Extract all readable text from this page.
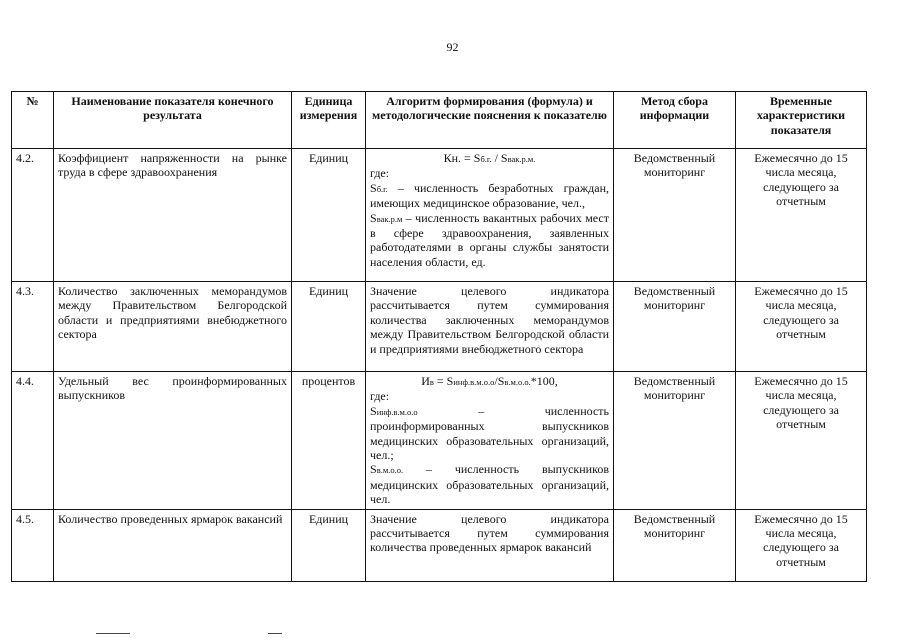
92
№	Наименование показателя конечного результата	Единица измерения	Алгоритм формирования (формула) и методологические пояснения к показателю	Метод сбора информации	Временные характеристики показателя
4.2.	Коэффициент напряженности на рынке труда в сфере здравоохранения	Единиц	Кн. = Sб.г. / Sвак.р.м.
где:
Sб.г. – численность безработных граждан, имеющих медицинское образование, чел.,
Sвак.р.м – численность вакантных рабочих мест в сфере здравоохранения, заявленных работодателями в органы службы занятости населения области, ед.	Ведомственный мониторинг	Ежемесячно до 15 числа месяца, следующего за отчетным
4.3.	Количество заключенных меморандумов между Правительством Белгородской области и предприятиями внебюджетного сектора	Единиц	Значение целевого индикатора рассчитывается путем суммирования количества заключенных меморандумов между Правительством Белгородской области и предприятиями внебюджетного сектора	Ведомственный мониторинг	Ежемесячно до 15 числа месяца, следующего за отчетным
4.4.	Удельный вес проинформированных выпускников	процентов	Ив = Sинф.в.м.о.о/Sв.м.о.о.*100,
где:
Sинф.в.м.о.о – численность проинформированных выпускников медицинских образовательных организаций, чел.;
Sв.м.о.о. – численность выпускников медицинских образовательных организаций, чел.	Ведомственный мониторинг	Ежемесячно до 15 числа месяца, следующего за отчетным
4.5.	Количество проведенных ярмарок вакансий	Единиц	Значение целевого индикатора рассчитывается путем суммирования количества проведенных ярмарок вакансий	Ведомственный мониторинг	Ежемесячно до 15 числа месяца, следующего за отчетным
